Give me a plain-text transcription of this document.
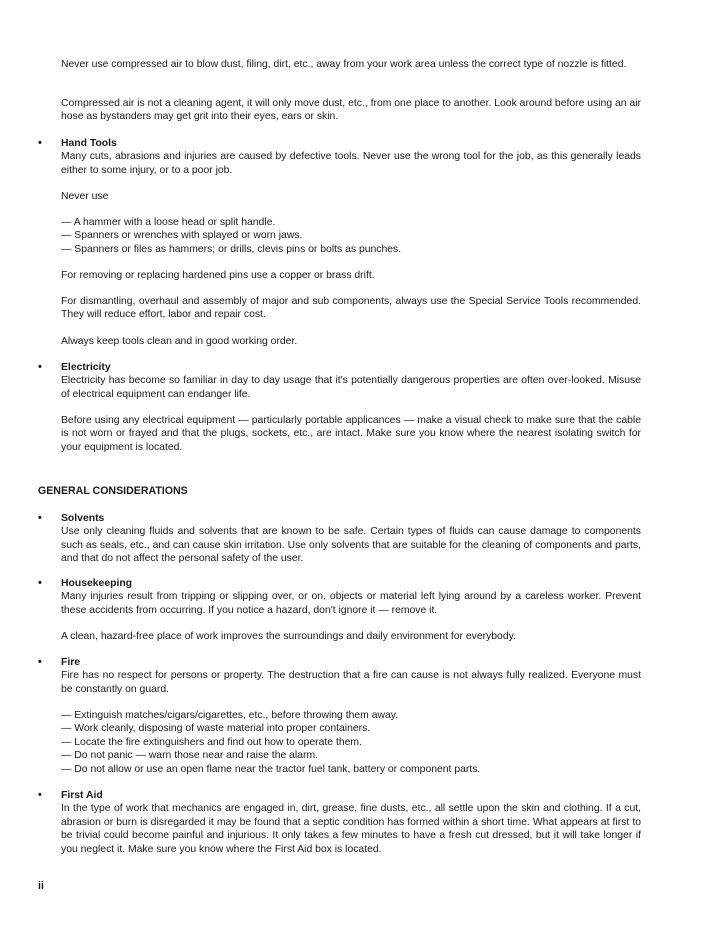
Never use compressed air to blow dust, filing, dirt, etc., away from your work area unless the correct type of nozzle is fitted.

Compressed air is not a cleaning agent, it will only move dust, etc., from one place to another. Look around before using an air hose as bystanders may get grit into their eyes, ears or skin.

• Hand Tools
Many cuts, abrasions and injuries are caused by defective tools. Never use the wrong tool for the job, as this generally leads either to some injury, or to a poor job.

Never use

— A hammer with a loose head or split handle.
— Spanners or wrenches with splayed or worn jaws.
— Spanners or files as hammers; or drills, clevis pins or bolts as punches.

For removing or replacing hardened pins use a copper or brass drift.

For dismantling, overhaul and assembly of major and sub components, always use the Special Service Tools recommended. They will reduce effort, labor and repair cost.

Always keep tools clean and in good working order.

• Electricity
Electricity has become so familiar in day to day usage that it's potentially dangerous properties are often over-looked. Misuse of electrical equipment can endanger life.

Before using any electrical equipment — particularly portable applicances — make a visual check to make sure that the cable is not worn or frayed and that the plugs, sockets, etc., are intact. Make sure you know where the nearest isolating switch for your equipment is located.

GENERAL CONSIDERATIONS
• Solvents
Use only cleaning fluids and solvents that are known to be safe. Certain types of fluids can cause damage to components such as seals, etc., and can cause skin irritation. Use only solvents that are suitable for the cleaning of components and parts, and that do not affect the personal safety of the user.
• Housekeeping
Many injuries result from tripping or slipping over, or on, objects or material left lying around by a careless worker. Prevent these accidents from occurring. If you notice a hazard, don't ignore it — remove it.

A clean, hazard-free place of work improves the surroundings and daily environment for everybody.

• Fire
Fire has no respect for persons or property. The destruction that a fire can cause is not always fully realized. Everyone must be constantly on guard.
— Extinguish matches/cigars/cigarettes, etc., before throwing them away.
— Work cleanly, disposing of waste material into proper containers.
— Locate the fire extinguishers and find out how to operate them.
— Do not panic — warn those near and raise the alarm.
— Do not allow or use an open flame near the tractor fuel tank, battery or component parts.
• First Aid
In the type of work that mechanics are engaged in, dirt, grease, fine dusts, etc., all settle upon the skin and clothing. If a cut, abrasion or burn is disregarded it may be found that a septic condition has formed within a short time. What appears at first to be trivial could become painful and injurious. It only takes a few minutes to have a fresh cut dressed, but it will take longer if you neglect it. Make sure you know where the First Aid box is located.
ii
